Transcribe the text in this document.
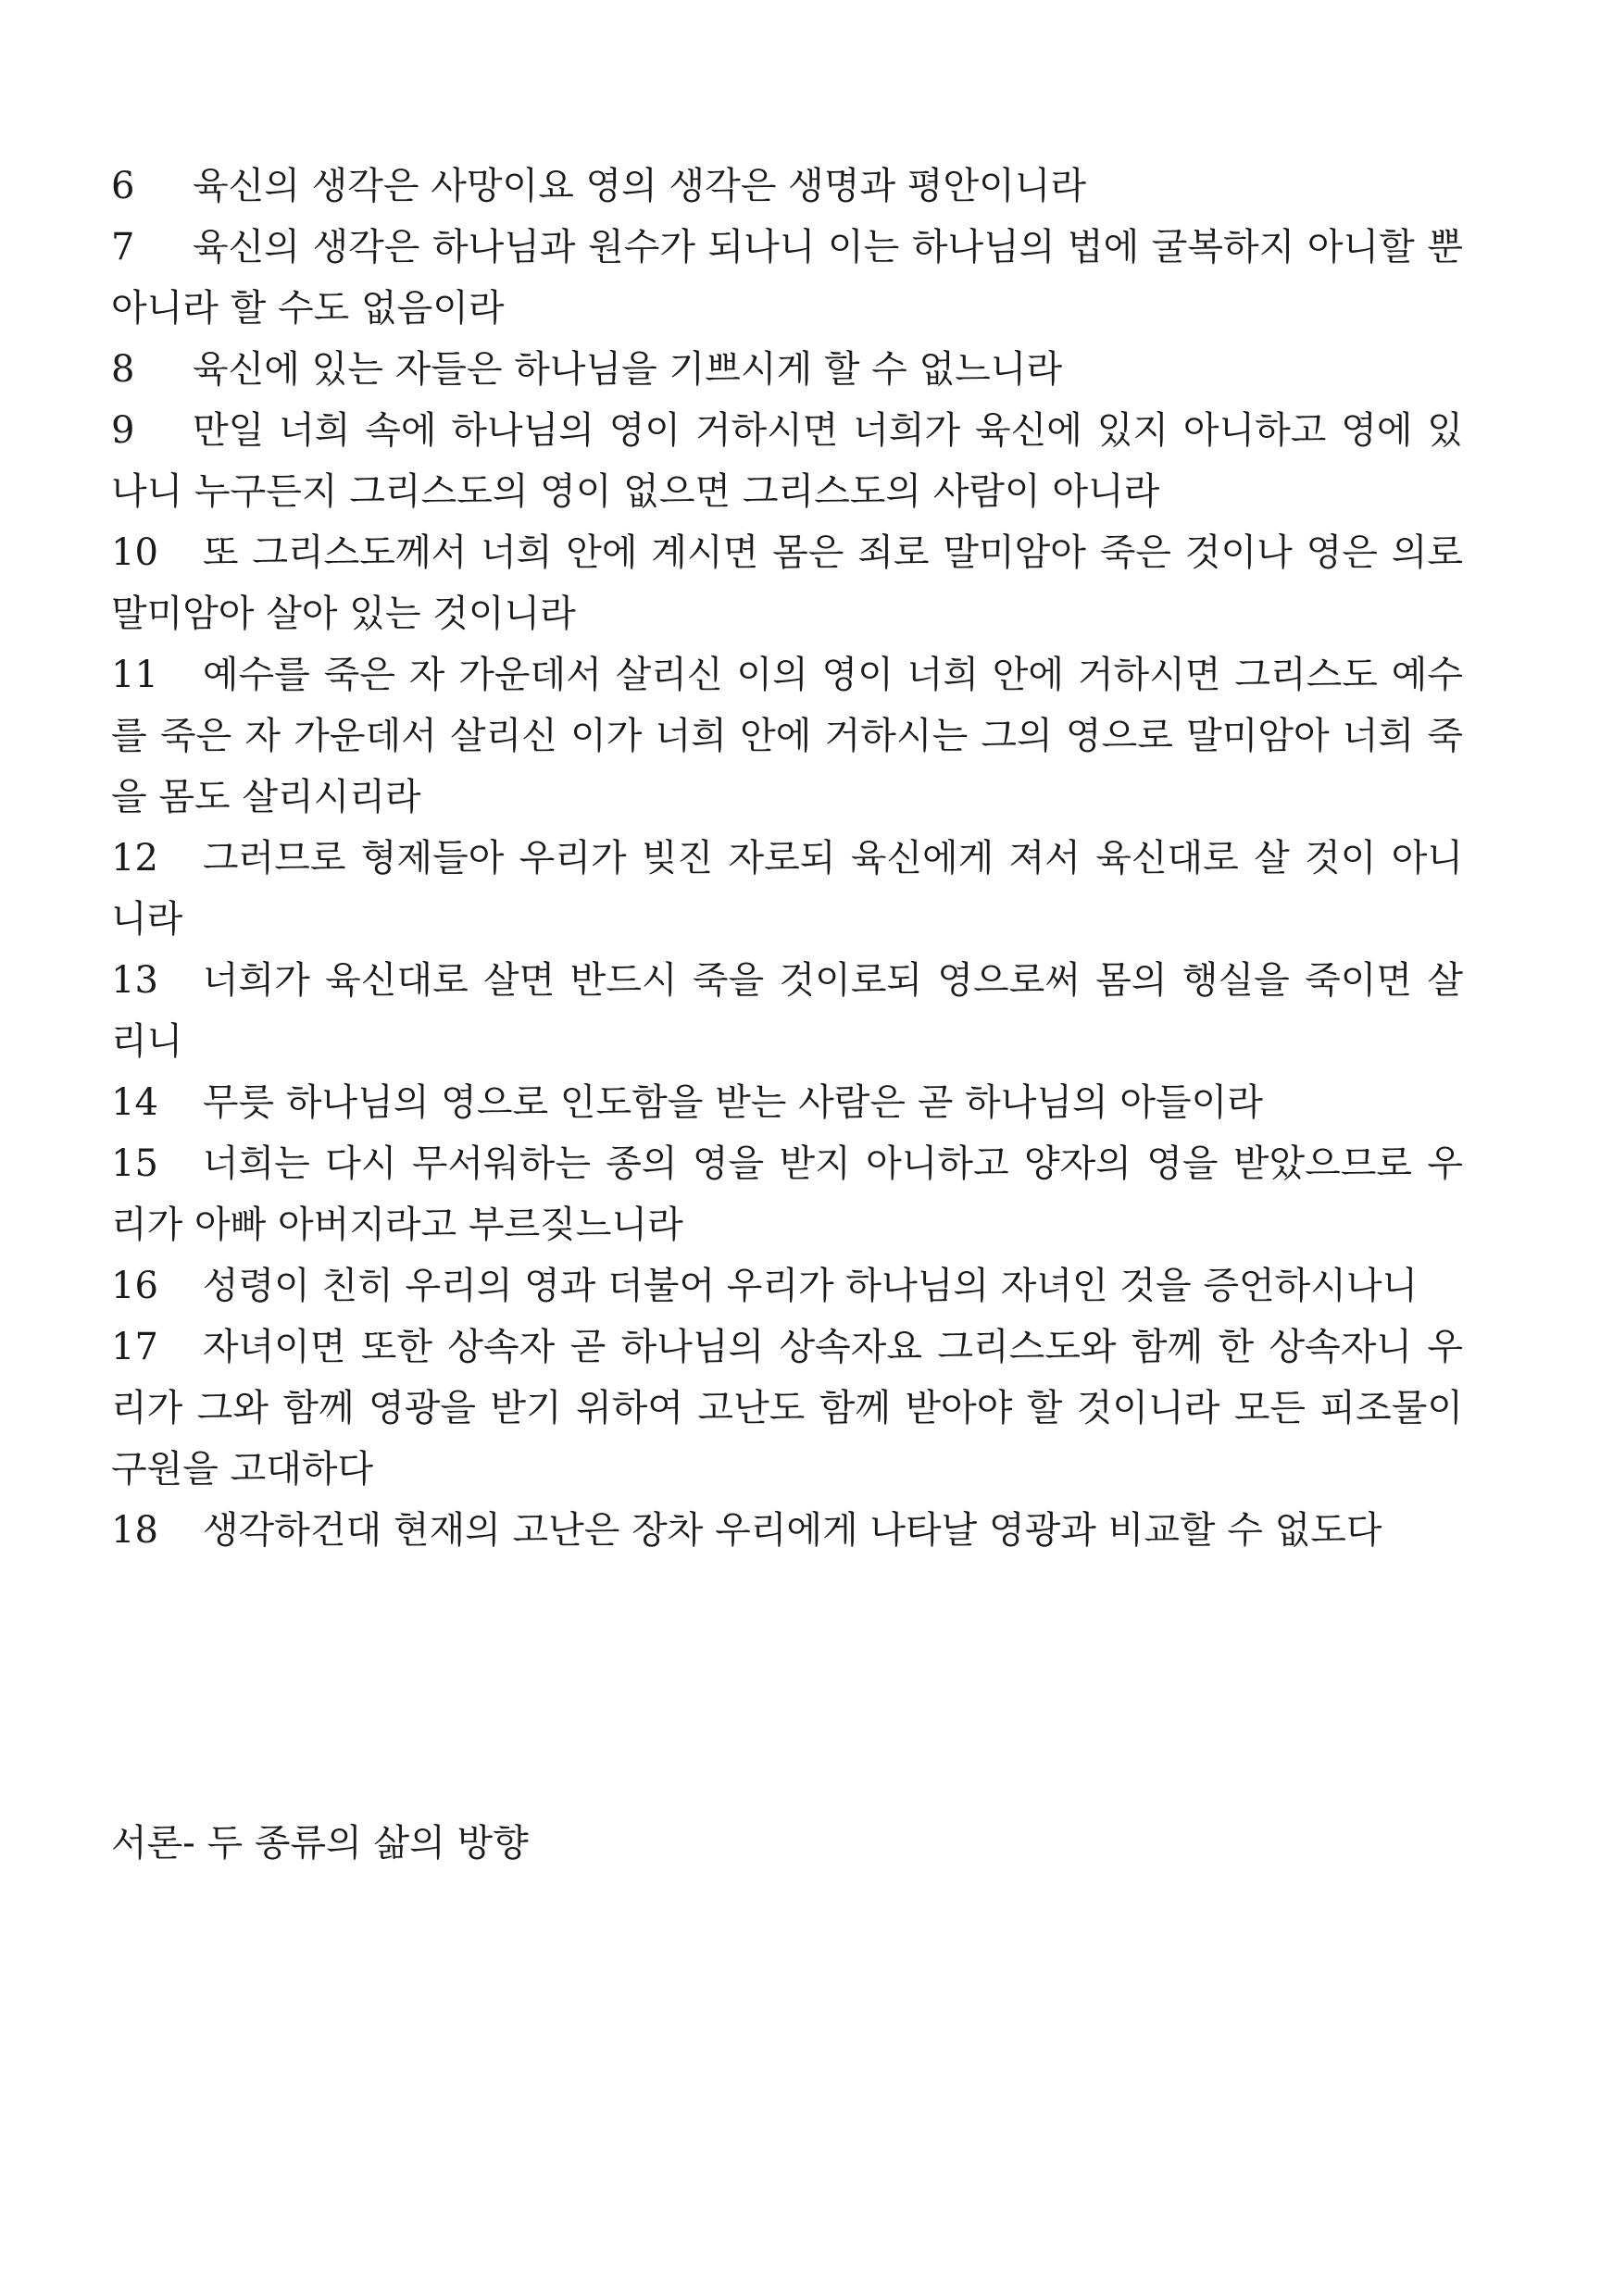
6 육신의 생각은 사망이요 영의 생각은 생명과 평안이니라

7 육신의 생각은 하나님과 원수가 되나니 이는 하나님의 법에 굴복하지 아니할 뿐 아니라 할 수도 없음이라

8 육신에 있는 자들은 하나님을 기쁘시게 할 수 없느니라

9 만일 너희 속에 하나님의 영이 거하시면 너희가 육신에 있지 아니하고 영에 있나니 누구든지 그리스도의 영이 없으면 그리스도의 사람이 아니라

10 또 그리스도께서 너희 안에 계시면 몸은 죄로 말미암아 죽은 것이나 영은 의로 말미암아 살아 있는 것이니라

11 예수를 죽은 자 가운데서 살리신 이의 영이 너희 안에 거하시면 그리스도 예수를 죽은 자 가운데서 살리신 이가 너희 안에 거하시는 그의 영으로 말미암아 너희 죽을 몸도 살리시리라

12 그러므로 형제들아 우리가 빚진 자로되 육신에게 져서 육신대로 살 것이 아니니라

13 너희가 육신대로 살면 반드시 죽을 것이로되 영으로써 몸의 행실을 죽이면 살리니

14 무릇 하나님의 영으로 인도함을 받는 사람은 곧 하나님의 아들이라

15 너희는 다시 무서워하는 종의 영을 받지 아니하고 양자의 영을 받았으므로 우리가 아빠 아버지라고 부르짖느니라

16 성령이 친히 우리의 영과 더불어 우리가 하나님의 자녀인 것을 증언하시나니

17 자녀이면 또한 상속자 곧 하나님의 상속자요 그리스도와 함께 한 상속자니 우리가 그와 함께 영광을 받기 위하여 고난도 함께 받아야 할 것이니라 모든 피조물이 구원을 고대하다

18 생각하건대 현재의 고난은 장차 우리에게 나타날 영광과 비교할 수 없도다

서론- 두 종류의 삶의 방향
